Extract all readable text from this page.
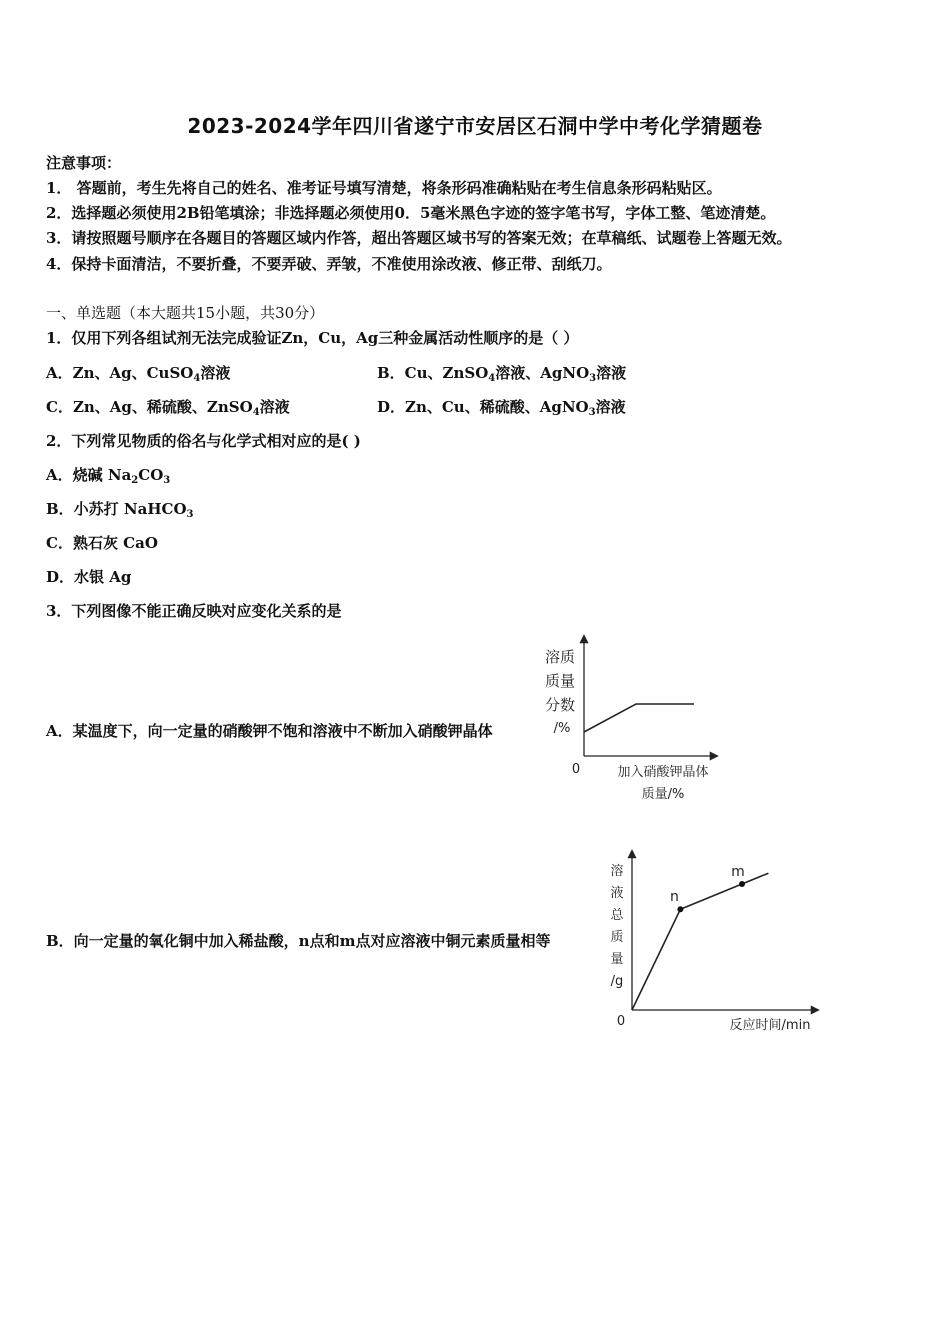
2023-2024学年四川省遂宁市安居区石洞中学中考化学猜题卷
注意事项：
1． 答题前，考生先将自己的姓名、准考证号填写清楚，将条形码准确粘贴在考生信息条形码粘贴区。
2．选择题必须使用2B铅笔填涂；非选择题必须使用0．5毫米黑色字迹的签字笔书写，字体工整、笔迹清楚。
3．请按照题号顺序在各题目的答题区域内作答，超出答题区域书写的答案无效；在草稿纸、试题卷上答题无效。
4．保持卡面清洁，不要折叠，不要弄破、弄皱，不准使用涂改液、修正带、刮纸刀。
一、单选题（本大题共15小题，共30分）
1．仅用下列各组试剂无法完成验证Zn，Cu，Ag三种金属活动性顺序的是（ ）
A．Zn、Ag、CuSO$_4$溶液	B．Cu、ZnSO$_4$溶液、AgNO$_3$溶液
C．Zn、Ag、稀硫酸、ZnSO$_4$溶液	D．Zn、Cu、稀硫酸、AgNO$_3$溶液
2．下列常见物质的俗名与化学式相对应的是( )
A．烧碱 $Na_2CO_3$
B．小苏打 NaHCO$_3$
C．熟石灰 CaO
D．水银 Ag
3．下列图像不能正确反映对应变化关系的是
A．某温度下，向一定量的硝酸钾不饱和溶液中不断加入硝酸钾晶体
B．向一定量的氧化铜中加入稀盐酸，n点和m点对应溶液中铜元素质量相等
溶质
质量
分数
/%
0	加入硝酸钾晶体
质量/%
溶
液
总
质
量
/g
0	反应时间/min
n
m
